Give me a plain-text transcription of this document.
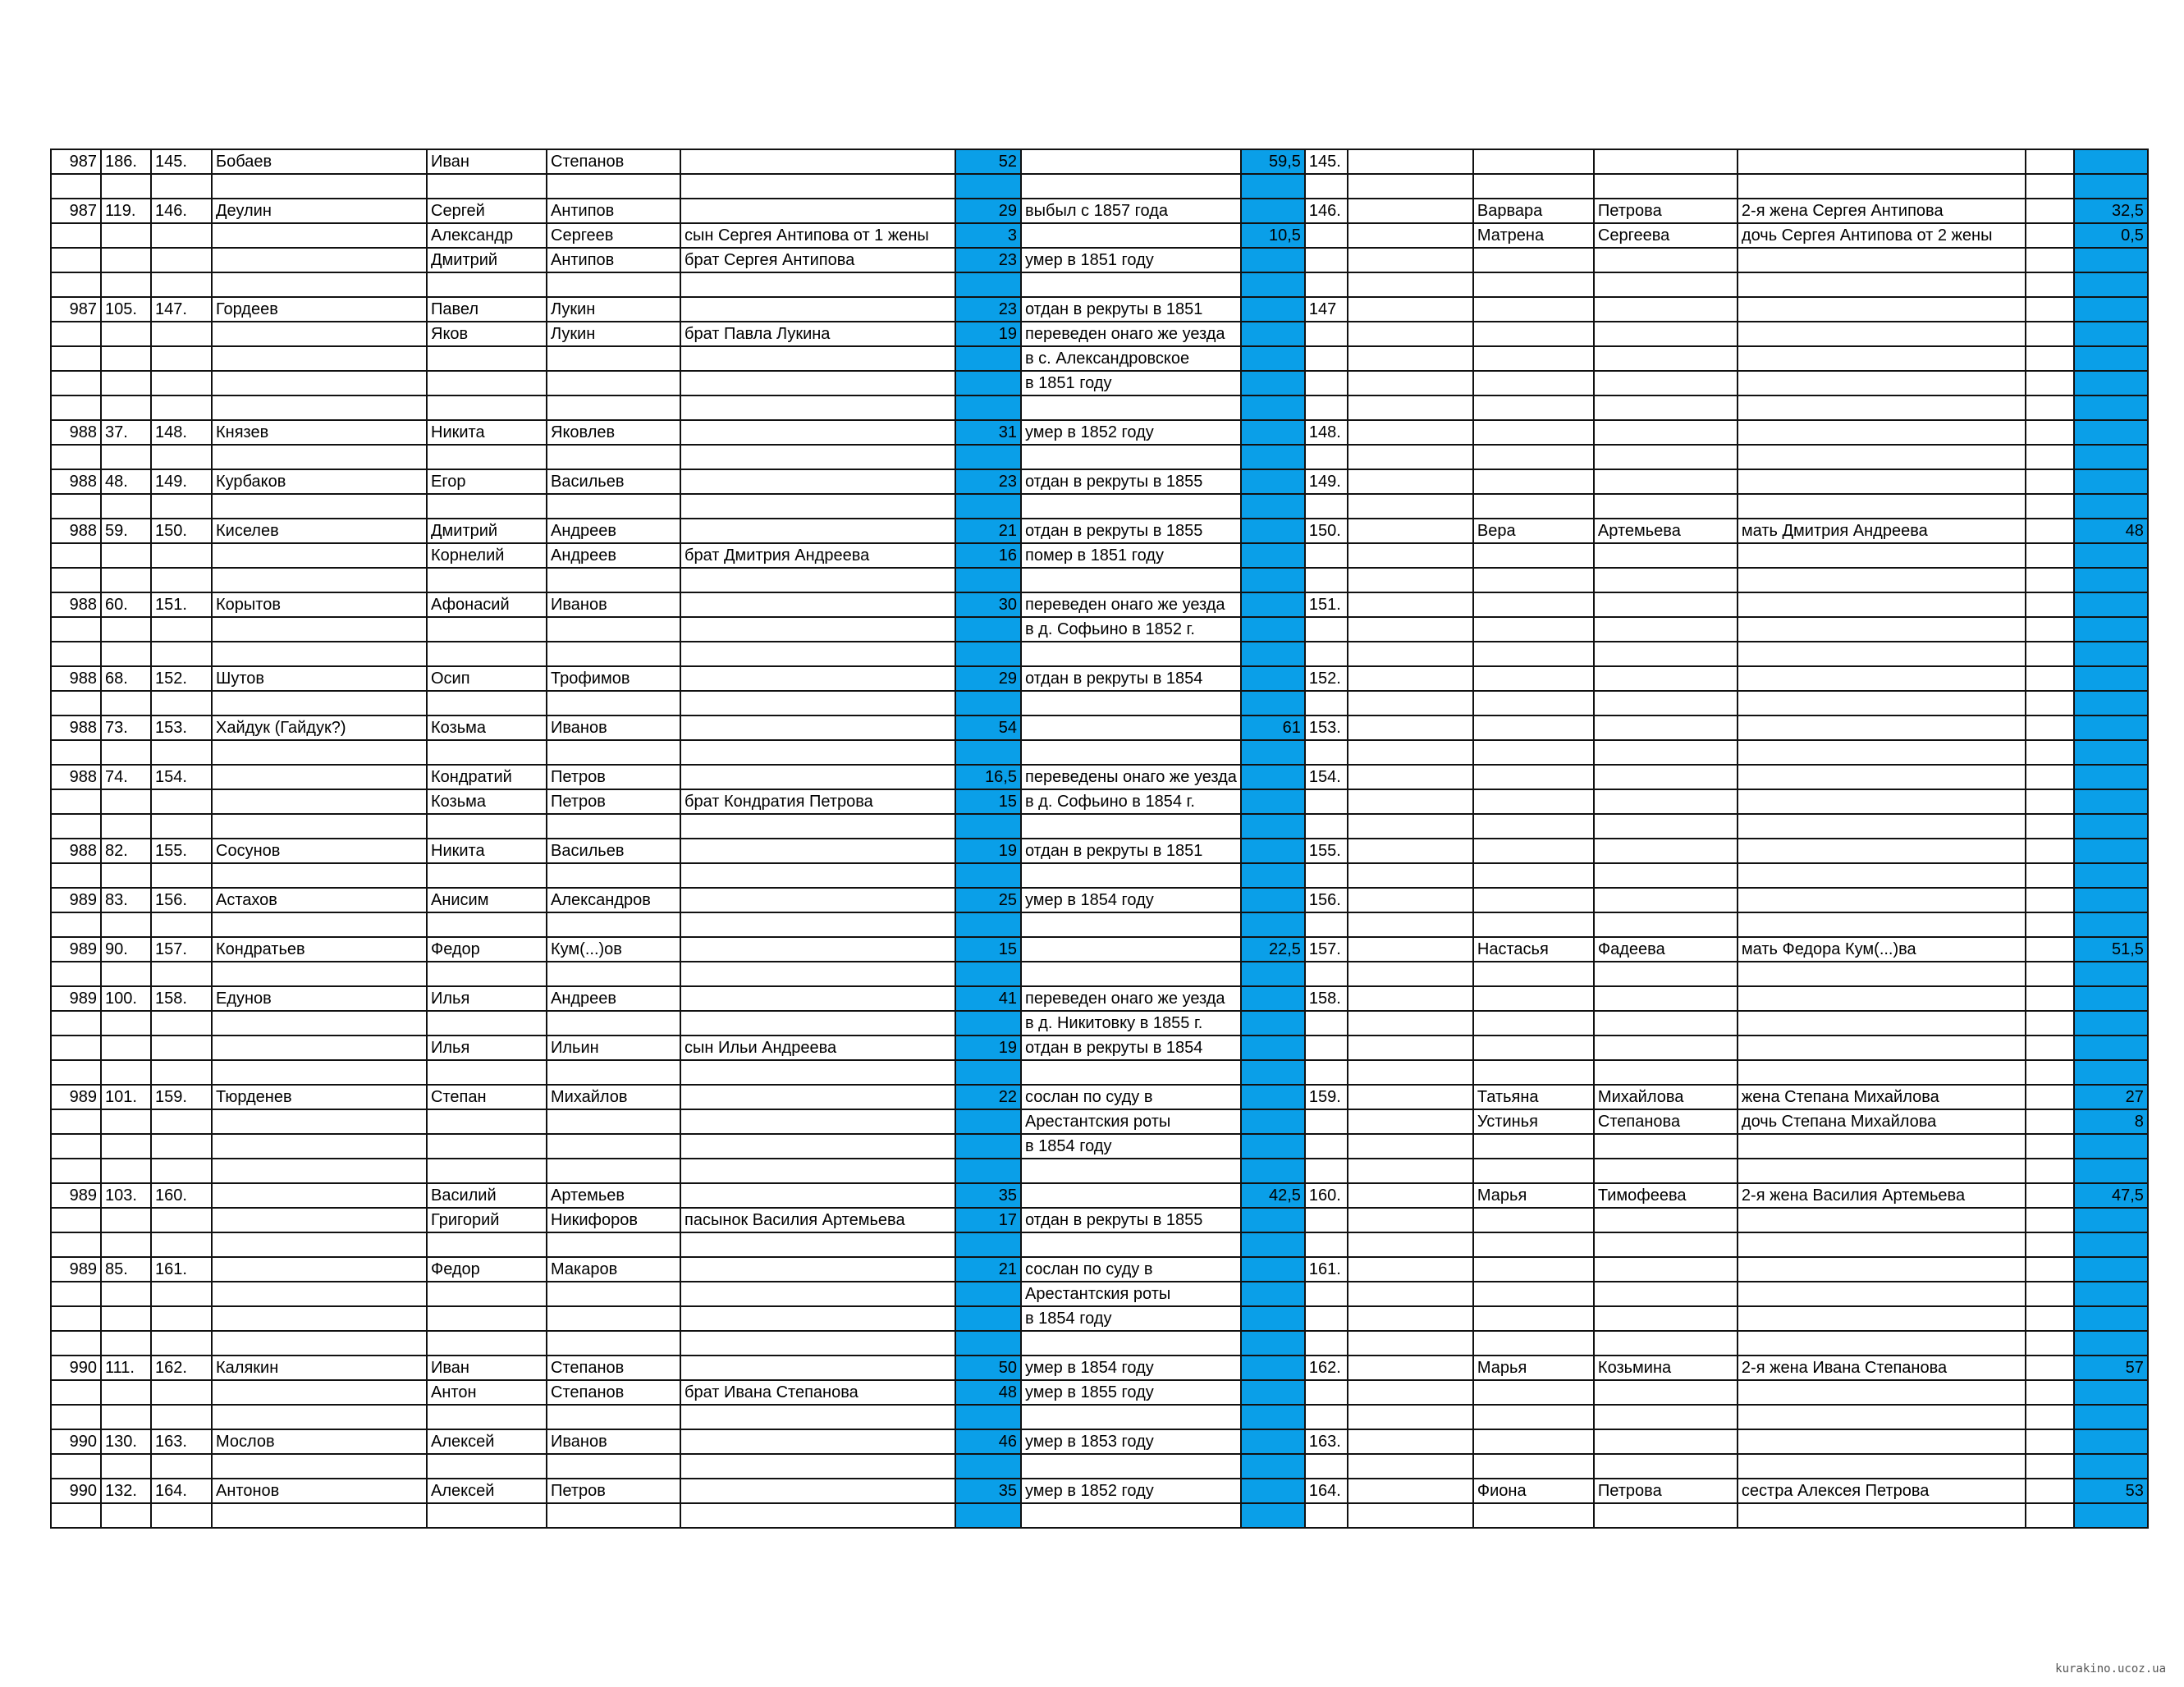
987	186.	145.	Бобаев	Иван	Степанов		52		59,5	145.						

987	119.	146.	Деулин	Сергей	Антипов		29	выбыл с 1857 года		146.		Варвара	Петрова	2-я жена Сергея Антипова		32,5
				Александр	Сергеев	сын Сергея Антипова от 1 жены	3		10,5			Матрена	Сергеева	дочь Сергея Антипова от 2 жены		0,5
				Дмитрий	Антипов	брат Сергея Антипова	23	умер в 1851 году								

987	105.	147.	Гордеев	Павел	Лукин		23	отдан в рекруты в 1851		147						
				Яков	Лукин	брат Павла Лукина	19	переведен онаго же уезда								
								в с. Александровское								
								в 1851 году								

988	37.	148.	Князев	Никита	Яковлев		31	умер в 1852 году		148.						

988	48.	149.	Курбаков	Егор	Васильев		23	отдан в рекруты в 1855		149.						

988	59.	150.	Киселев	Дмитрий	Андреев		21	отдан в рекруты в 1855		150.		Вера	Артемьева	мать Дмитрия Андреева		48
				Корнелий	Андреев	брат Дмитрия Андреева	16	помер в 1851 году								

988	60.	151.	Корытов	Афонасий	Иванов		30	переведен онаго же уезда		151.						
								в д. Софьино в 1852 г.								

988	68.	152.	Шутов	Осип	Трофимов		29	отдан в рекруты в 1854		152.						

988	73.	153.	Хайдук (Гайдук?)	Козьма	Иванов		54		61	153.						

988	74.	154.		Кондратий	Петров		16,5	переведены онаго же уезда		154.						
				Козьма	Петров	брат Кондратия Петрова	15	в д. Софьино в 1854 г.								

988	82.	155.	Сосунов	Никита	Васильев		19	отдан в рекруты в 1851		155.						

989	83.	156.	Астахов	Анисим	Александров		25	умер в 1854 году		156.						

989	90.	157.	Кондратьев	Федор	Кум(...)ов		15		22,5	157.		Настасья	Фадеева	мать Федора Кум(...)ва		51,5

989	100.	158.	Едунов	Илья	Андреев		41	переведен онаго же уезда		158.						
								в д. Никитовку в 1855 г.								
				Илья	Ильин	сын Ильи Андреева	19	отдан в рекруты в 1854								

989	101.	159.	Тюрденев	Степан	Михайлов		22	сослан по суду в		159.		Татьяна	Михайлова	жена Степана Михайлова		27
								Арестантския роты				Устинья	Степанова	дочь Степана Михайлова		8
								в 1854 году								

989	103.	160.		Василий	Артемьев		35		42,5	160.		Марья	Тимофеева	2-я жена Василия Артемьева		47,5
				Григорий	Никифоров	пасынок Василия Артемьева	17	отдан в рекруты в 1855								

989	85.	161.		Федор	Макаров		21	сослан по суду в		161.						
								Арестантския роты								
								в 1854 году								

990	111.	162.	Калякин	Иван	Степанов		50	умер в 1854 году		162.		Марья	Козьмина	2-я жена Ивана Степанова		57
				Антон	Степанов	брат Ивана Степанова	48	умер в 1855 году								

990	130.	163.	Мослов	Алексей	Иванов		46	умер в 1853 году		163.						

990	132.	164.	Антонов	Алексей	Петров		35	умер в 1852 году		164.		Фиона	Петрова	сестра Алексея Петрова		53

kurakino.ucoz.ua
